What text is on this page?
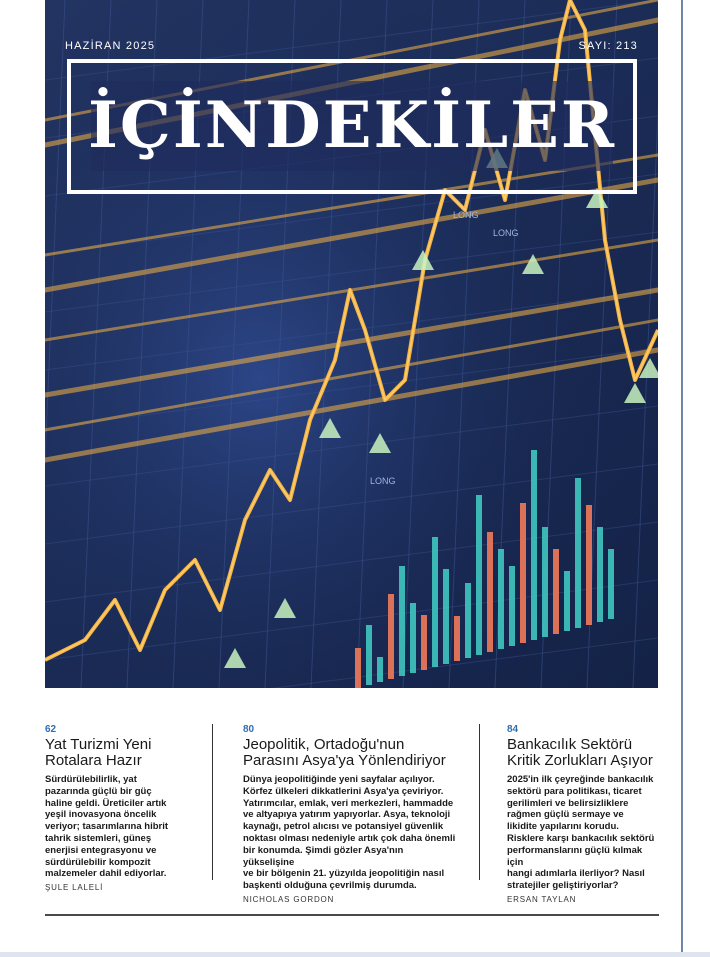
LONG
LONG
LONG
HAZİRAN 2025	SAYI: 213
İÇİNDEKİLER
62
Yat Turizmi Yeni
Rotalara Hazır
Sürdürülebilirlik, yat
pazarında güçlü bir güç
haline geldi. Üreticiler artık
yeşil inovasyona öncelik
veriyor; tasarımlarına hibrit
tahrik sistemleri, güneş
enerjisi entegrasyonu ve
sürdürülebilir kompozit
malzemeler dahil ediyorlar.
ŞULE LALELİ
80
Jeopolitik, Ortadoğu'nun
Parasını Asya'ya Yönlendiriyor
Dünya jeopolitiğinde yeni sayfalar açılıyor.
Körfez ülkeleri dikkatlerini Asya'ya çeviriyor.
Yatırımcılar, emlak, veri merkezleri, hammadde
ve altyapıya yatırım yapıyorlar. Asya, teknoloji
kaynağı, petrol alıcısı ve potansiyel güvenlik
noktası olması nedeniyle artık çok daha önemli
bir konumda. Şimdi gözler Asya'nın yükselişine
ve bir bölgenin 21. yüzyılda jeopolitiğin nasıl
başkenti olduğuna çevrilmiş durumda.
NICHOLAS GORDON
84
Bankacılık Sektörü
Kritik Zorlukları Aşıyor
2025'in ilk çeyreğinde bankacılık
sektörü para politikası, ticaret
gerilimleri ve belirsizliklere
rağmen güçlü sermaye ve
likidite yapılarını korudu.
Risklere karşı bankacılık sektörü
performanslarını güçlü kılmak için
hangi adımlarla ilerliyor? Nasıl
stratejiler geliştiriyorlar?
ERSAN TAYLAN
